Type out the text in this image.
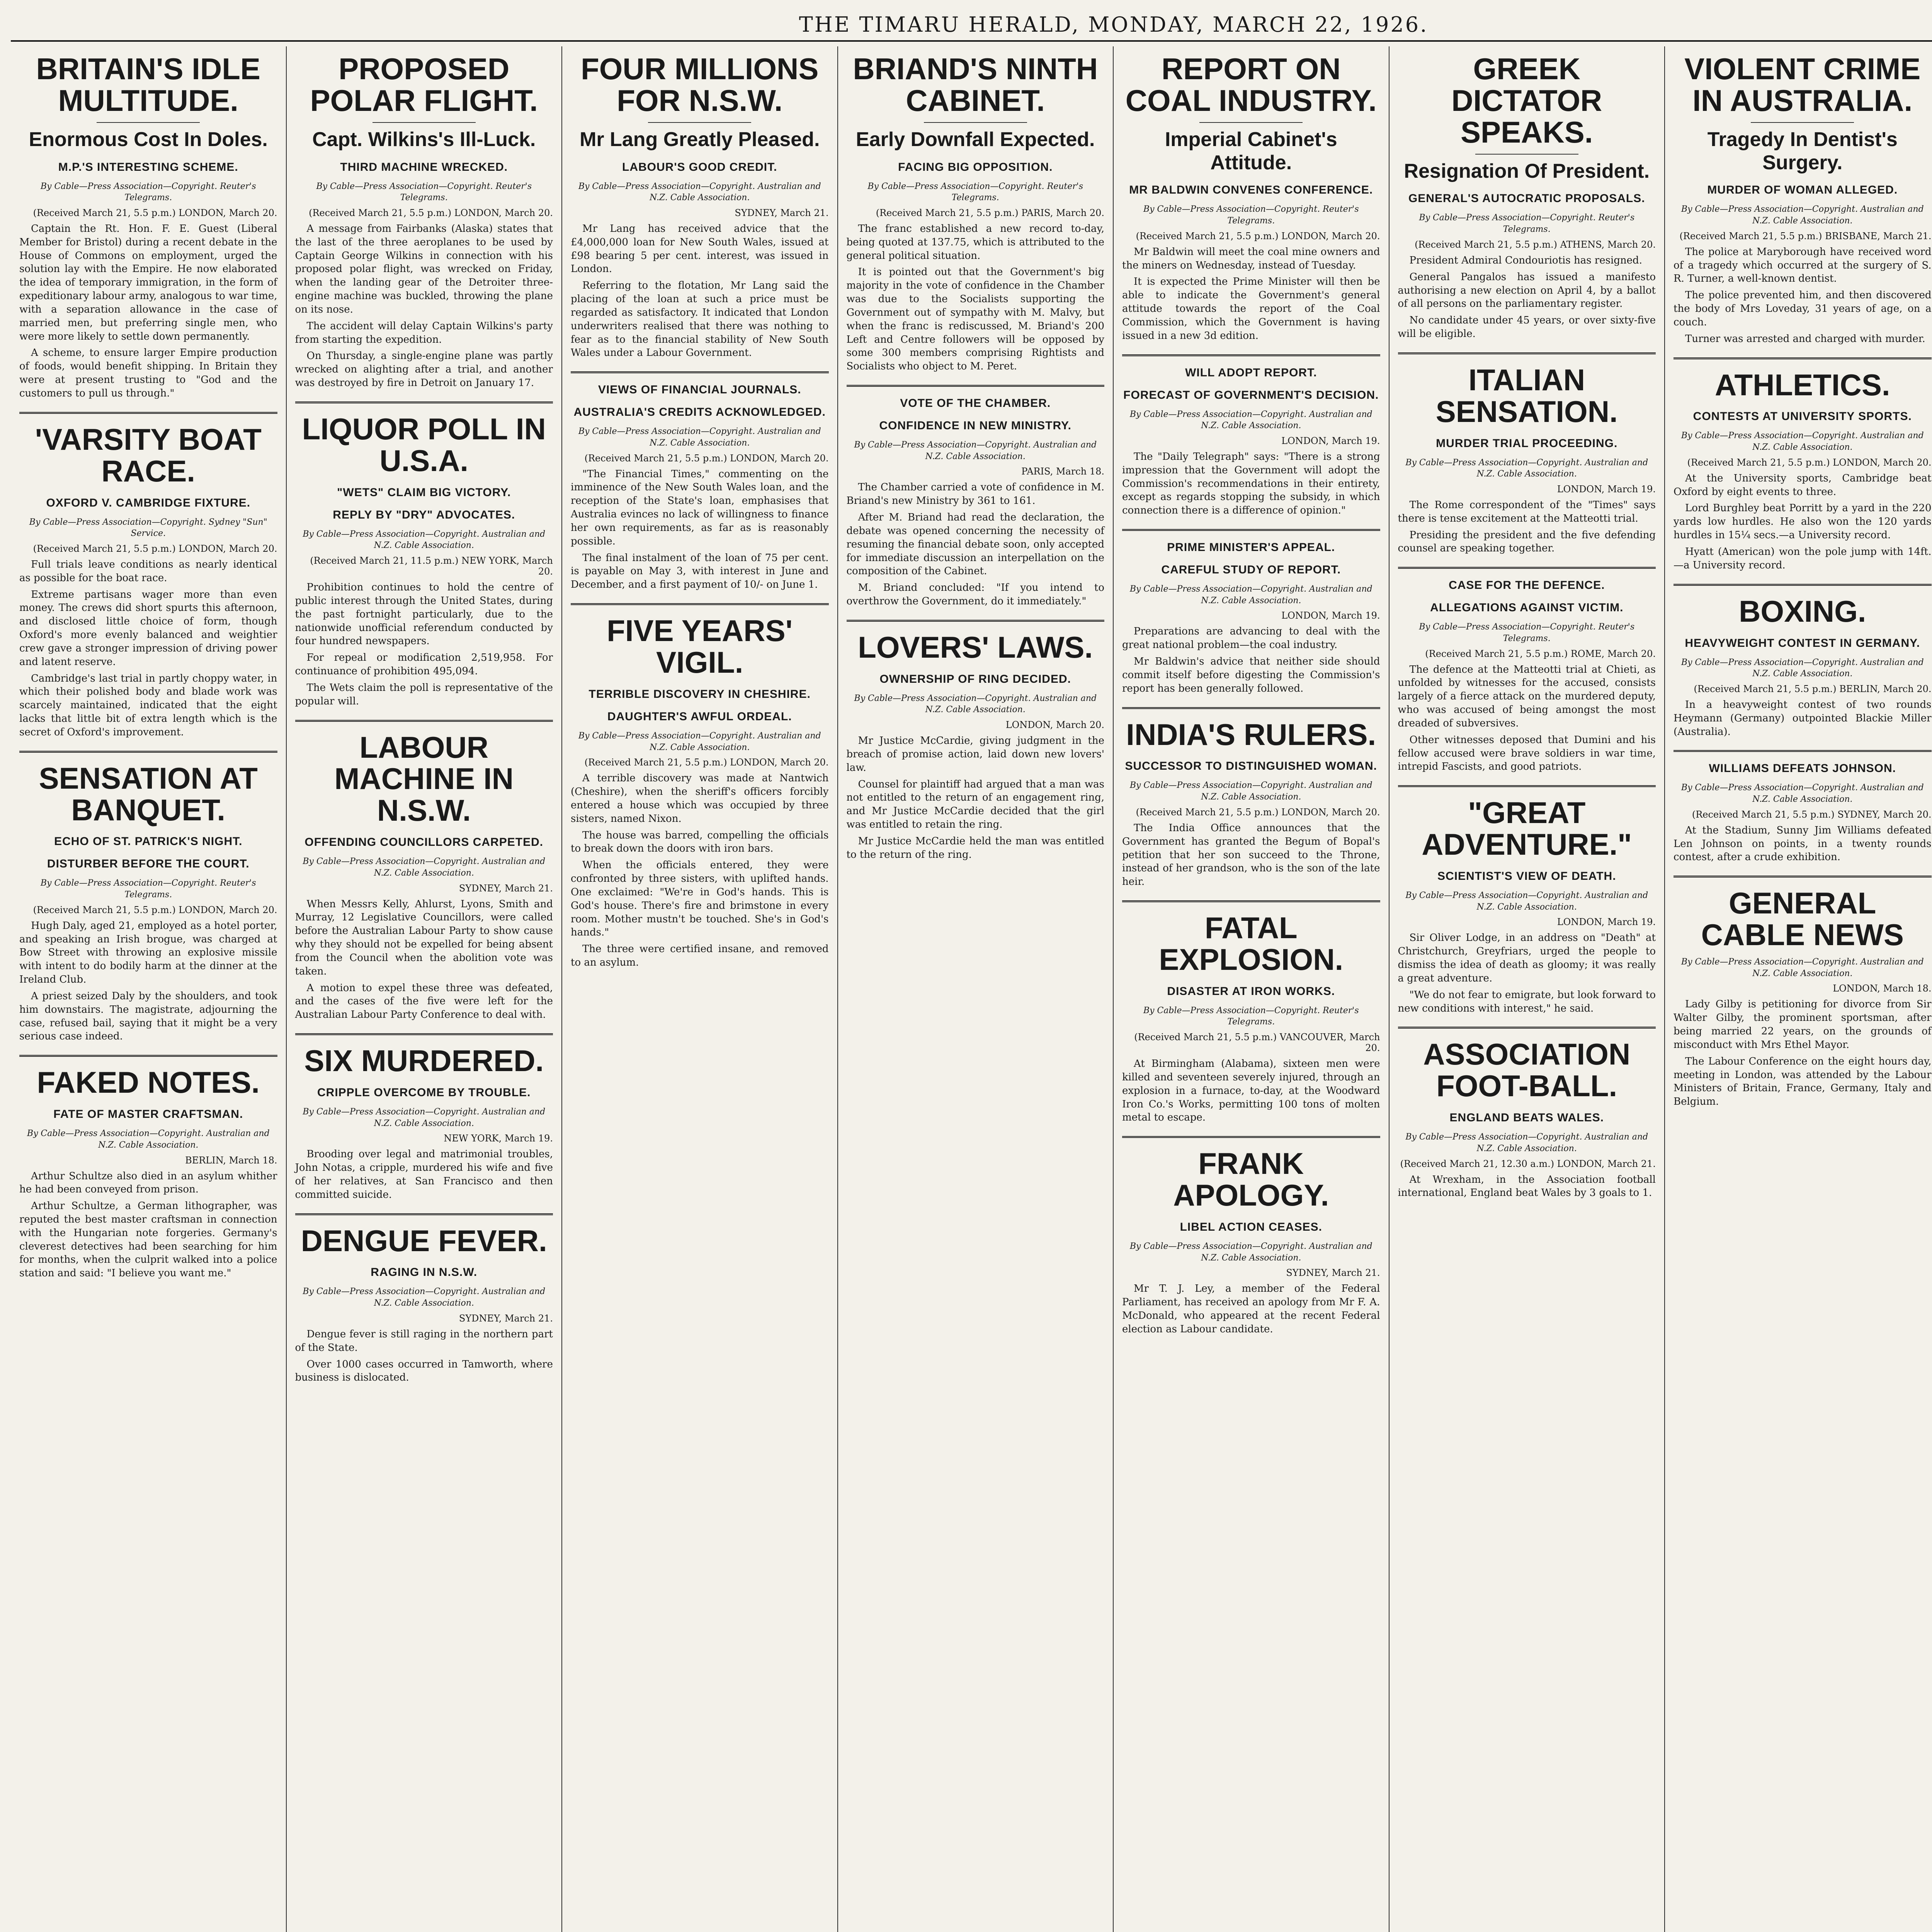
THE TIMARU HERALD, MONDAY, MARCH 22, 1926.
BRITAIN'S IDLE MULTITUDE.
Enormous Cost In Doles.
M.P.'S INTERESTING SCHEME.
By Cable—Press Association—Copyright. Reuter's Telegrams.
(Received March 21, 5.5 p.m.) LONDON, March 20.

Captain the Rt. Hon. F. E. Guest (Liberal Member for Bristol) during a recent debate in the House of Commons on employment, urged the solution lay with the Empire. He now elaborated the idea of temporary immigration, in the form of expeditionary labour army, analogous to war time, with a separation allowance in the case of married men, but preferring single men, who were more likely to settle down permanently.

A scheme, to ensure larger Empire production of foods, would benefit shipping. In Britain they were at present trusting to "God and the customers to pull us through."

'VARSITY BOAT RACE.
OXFORD V. CAMBRIDGE FIXTURE.
By Cable—Press Association—Copyright. Sydney "Sun" Service.
(Received March 21, 5.5 p.m.) LONDON, March 20.

Full trials leave conditions as nearly identical as possible for the boat race.

Extreme partisans wager more than even money. The crews did short spurts this afternoon, and disclosed little choice of form, though Oxford's more evenly balanced and weightier crew gave a stronger impression of driving power and latent reserve.

Cambridge's last trial in partly choppy water, in which their polished body and blade work was scarcely maintained, indicated that the eight lacks that little bit of extra length which is the secret of Oxford's improvement.

SENSATION AT BANQUET.
ECHO OF ST. PATRICK'S NIGHT.
DISTURBER BEFORE THE COURT.
By Cable—Press Association—Copyright. Reuter's Telegrams.
(Received March 21, 5.5 p.m.) LONDON, March 20.

Hugh Daly, aged 21, employed as a hotel porter, and speaking an Irish brogue, was charged at Bow Street with throwing an explosive missile with intent to do bodily harm at the dinner at the Ireland Club.

A priest seized Daly by the shoulders, and took him downstairs. The magistrate, adjourning the case, refused bail, saying that it might be a very serious case indeed.

FAKED NOTES.
FATE OF MASTER CRAFTSMAN.
By Cable—Press Association—Copyright. Australian and N.Z. Cable Association.
BERLIN, March 18.

Arthur Schultze also died in an asylum whither he had been conveyed from prison.

Arthur Schultze, a German lithographer, was reputed the best master craftsman in connection with the Hungarian note forgeries. Germany's cleverest detectives had been searching for him for months, when the culprit walked into a police station and said: "I believe you want me."

PROPOSED POLAR FLIGHT.
Capt. Wilkins's Ill-Luck.
THIRD MACHINE WRECKED.
By Cable—Press Association—Copyright. Reuter's Telegrams.
(Received March 21, 5.5 p.m.) LONDON, March 20.

A message from Fairbanks (Alaska) states that the last of the three aeroplanes to be used by Captain George Wilkins in connection with his proposed polar flight, was wrecked on Friday, when the landing gear of the Detroiter three-engine machine was buckled, throwing the plane on its nose.

The accident will delay Captain Wilkins's party from starting the expedition.

On Thursday, a single-engine plane was partly wrecked on alighting after a trial, and another was destroyed by fire in Detroit on January 17.

LIQUOR POLL IN U.S.A.
"WETS" CLAIM BIG VICTORY.
REPLY BY "DRY" ADVOCATES.
By Cable—Press Association—Copyright. Australian and N.Z. Cable Association.
(Received March 21, 11.5 p.m.) NEW YORK, March 20.

Prohibition continues to hold the centre of public interest through the United States, during the past fortnight particularly, due to the nationwide unofficial referendum conducted by four hundred newspapers.

For repeal or modification 2,519,958. For continuance of prohibition 495,094.

The Wets claim the poll is representative of the popular will.

LABOUR MACHINE IN N.S.W.
OFFENDING COUNCILLORS CARPETED.
By Cable—Press Association—Copyright. Australian and N.Z. Cable Association.
SYDNEY, March 21.

When Messrs Kelly, Ahlurst, Lyons, Smith and Murray, 12 Legislative Councillors, were called before the Australian Labour Party to show cause why they should not be expelled for being absent from the Council when the abolition vote was taken.

A motion to expel these three was defeated, and the cases of the five were left for the Australian Labour Party Conference to deal with.

SIX MURDERED.
CRIPPLE OVERCOME BY TROUBLE.
By Cable—Press Association—Copyright. Australian and N.Z. Cable Association.
NEW YORK, March 19.

Brooding over legal and matrimonial troubles, John Notas, a cripple, murdered his wife and five of her relatives, at San Francisco and then committed suicide.

DENGUE FEVER.
RAGING IN N.S.W.
By Cable—Press Association—Copyright. Australian and N.Z. Cable Association.
SYDNEY, March 21.

Dengue fever is still raging in the northern part of the State.

Over 1000 cases occurred in Tamworth, where business is dislocated.

FOUR MILLIONS FOR N.S.W.
Mr Lang Greatly Pleased.
LABOUR'S GOOD CREDIT.
By Cable—Press Association—Copyright. Australian and N.Z. Cable Association.
SYDNEY, March 21.

Mr Lang has received advice that the £4,000,000 loan for New South Wales, issued at £98 bearing 5 per cent. interest, was issued in London.

Referring to the flotation, Mr Lang said the placing of the loan at such a price must be regarded as satisfactory. It indicated that London underwriters realised that there was nothing to fear as to the financial stability of New South Wales under a Labour Government.

VIEWS OF FINANCIAL JOURNALS.
AUSTRALIA'S CREDITS ACKNOWLEDGED.
By Cable—Press Association—Copyright. Australian and N.Z. Cable Association.
(Received March 21, 5.5 p.m.) LONDON, March 20.

"The Financial Times," commenting on the imminence of the New South Wales loan, and the reception of the State's loan, emphasises that Australia evinces no lack of willingness to finance her own requirements, as far as is reasonably possible.

The final instalment of the loan of 75 per cent. is payable on May 3, with interest in June and December, and a first payment of 10/- on June 1.

FIVE YEARS' VIGIL.
TERRIBLE DISCOVERY IN CHESHIRE.
DAUGHTER'S AWFUL ORDEAL.
By Cable—Press Association—Copyright. Australian and N.Z. Cable Association.
(Received March 21, 5.5 p.m.) LONDON, March 20.

A terrible discovery was made at Nantwich (Cheshire), when the sheriff's officers forcibly entered a house which was occupied by three sisters, named Nixon.

The house was barred, compelling the officials to break down the doors with iron bars.

When the officials entered, they were confronted by three sisters, with uplifted hands. One exclaimed: "We're in God's hands. This is God's house. There's fire and brimstone in every room. Mother mustn't be touched. She's in God's hands."

The three were certified insane, and removed to an asylum.

BRIAND'S NINTH CABINET.
Early Downfall Expected.
FACING BIG OPPOSITION.
By Cable—Press Association—Copyright. Reuter's Telegrams.
(Received March 21, 5.5 p.m.) PARIS, March 20.

The franc established a new record to-day, being quoted at 137.75, which is attributed to the general political situation.

It is pointed out that the Government's big majority in the vote of confidence in the Chamber was due to the Socialists supporting the Government out of sympathy with M. Malvy, but when the franc is rediscussed, M. Briand's 200 Left and Centre followers will be opposed by some 300 members comprising Rightists and Socialists who object to M. Peret.

VOTE OF THE CHAMBER.
CONFIDENCE IN NEW MINISTRY.
By Cable—Press Association—Copyright. Australian and N.Z. Cable Association.
PARIS, March 18.

The Chamber carried a vote of confidence in M. Briand's new Ministry by 361 to 161.

After M. Briand had read the declaration, the debate was opened concerning the necessity of resuming the financial debate soon, only accepted for immediate discussion an interpellation on the composition of the Cabinet.

M. Briand concluded: "If you intend to overthrow the Government, do it immediately."

LOVERS' LAWS.
OWNERSHIP OF RING DECIDED.
By Cable—Press Association—Copyright. Australian and N.Z. Cable Association.
LONDON, March 20.

Mr Justice McCardie, giving judgment in the breach of promise action, laid down new lovers' law.

Counsel for plaintiff had argued that a man was not entitled to the return of an engagement ring, and Mr Justice McCardie decided that the girl was entitled to retain the ring.

Mr Justice McCardie held the man was entitled to the return of the ring.

REPORT ON COAL INDUSTRY.
Imperial Cabinet's Attitude.
MR BALDWIN CONVENES CONFERENCE.
By Cable—Press Association—Copyright. Reuter's Telegrams.
(Received March 21, 5.5 p.m.) LONDON, March 20.

Mr Baldwin will meet the coal mine owners and the miners on Wednesday, instead of Tuesday.

It is expected the Prime Minister will then be able to indicate the Government's general attitude towards the report of the Coal Commission, which the Government is having issued in a new 3d edition.

WILL ADOPT REPORT.
FORECAST OF GOVERNMENT'S DECISION.
By Cable—Press Association—Copyright. Australian and N.Z. Cable Association.
LONDON, March 19.

The "Daily Telegraph" says: "There is a strong impression that the Government will adopt the Commission's recommendations in their entirety, except as regards stopping the subsidy, in which connection there is a difference of opinion."

PRIME MINISTER'S APPEAL.
CAREFUL STUDY OF REPORT.
By Cable—Press Association—Copyright. Australian and N.Z. Cable Association.
LONDON, March 19.

Preparations are advancing to deal with the great national problem—the coal industry.

Mr Baldwin's advice that neither side should commit itself before digesting the Commission's report has been generally followed.

INDIA'S RULERS.
SUCCESSOR TO DISTINGUISHED WOMAN.
By Cable—Press Association—Copyright. Australian and N.Z. Cable Association.
(Received March 21, 5.5 p.m.) LONDON, March 20.

The India Office announces that the Government has granted the Begum of Bopal's petition that her son succeed to the Throne, instead of her grandson, who is the son of the late heir.

FATAL EXPLOSION.
DISASTER AT IRON WORKS.
By Cable—Press Association—Copyright. Reuter's Telegrams.
(Received March 21, 5.5 p.m.) VANCOUVER, March 20.

At Birmingham (Alabama), sixteen men were killed and seventeen severely injured, through an explosion in a furnace, to-day, at the Woodward Iron Co.'s Works, permitting 100 tons of molten metal to escape.

FRANK APOLOGY.
LIBEL ACTION CEASES.
By Cable—Press Association—Copyright. Australian and N.Z. Cable Association.
SYDNEY, March 21.

Mr T. J. Ley, a member of the Federal Parliament, has received an apology from Mr F. A. McDonald, who appeared at the recent Federal election as Labour candidate.

GREEK DICTATOR SPEAKS.
Resignation Of President.
GENERAL'S AUTOCRATIC PROPOSALS.
By Cable—Press Association—Copyright. Reuter's Telegrams.
(Received March 21, 5.5 p.m.) ATHENS, March 20.

President Admiral Condouriotis has resigned.

General Pangalos has issued a manifesto authorising a new election on April 4, by a ballot of all persons on the parliamentary register.

No candidate under 45 years, or over sixty-five will be eligible.

ITALIAN SENSATION.
MURDER TRIAL PROCEEDING.
By Cable—Press Association—Copyright. Australian and N.Z. Cable Association.
LONDON, March 19.

The Rome correspondent of the "Times" says there is tense excitement at the Matteotti trial.

Presiding the president and the five defending counsel are speaking together.

CASE FOR THE DEFENCE.
ALLEGATIONS AGAINST VICTIM.
By Cable—Press Association—Copyright. Reuter's Telegrams.
(Received March 21, 5.5 p.m.) ROME, March 20.

The defence at the Matteotti trial at Chieti, as unfolded by witnesses for the accused, consists largely of a fierce attack on the murdered deputy, who was accused of being amongst the most dreaded of subversives.

Other witnesses deposed that Dumini and his fellow accused were brave soldiers in war time, intrepid Fascists, and good patriots.

"GREAT ADVENTURE."
SCIENTIST'S VIEW OF DEATH.
By Cable—Press Association—Copyright. Australian and N.Z. Cable Association.
LONDON, March 19.

Sir Oliver Lodge, in an address on "Death" at Christchurch, Greyfriars, urged the people to dismiss the idea of death as gloomy; it was really a great adventure.

"We do not fear to emigrate, but look forward to new conditions with interest," he said.

ASSOCIATION FOOT-BALL.
ENGLAND BEATS WALES.
By Cable—Press Association—Copyright. Australian and N.Z. Cable Association.
(Received March 21, 12.30 a.m.) LONDON, March 21.

At Wrexham, in the Association football international, England beat Wales by 3 goals to 1.

VIOLENT CRIME IN AUSTRALIA.
Tragedy In Dentist's Surgery.
MURDER OF WOMAN ALLEGED.
By Cable—Press Association—Copyright. Australian and N.Z. Cable Association.
(Received March 21, 5.5 p.m.) BRISBANE, March 21.

The police at Maryborough have received word of a tragedy which occurred at the surgery of S. R. Turner, a well-known dentist.

The police prevented him, and then discovered the body of Mrs Loveday, 31 years of age, on a couch.

Turner was arrested and charged with murder.

ATHLETICS.
CONTESTS AT UNIVERSITY SPORTS.
By Cable—Press Association—Copyright. Australian and N.Z. Cable Association.
(Received March 21, 5.5 p.m.) LONDON, March 20.

At the University sports, Cambridge beat Oxford by eight events to three.

Lord Burghley beat Porritt by a yard in the 220 yards low hurdles. He also won the 120 yards hurdles in 15¼ secs.—a University record.

Hyatt (American) won the pole jump with 14ft.—a University record.

BOXING.
HEAVYWEIGHT CONTEST IN GERMANY.
By Cable—Press Association—Copyright. Australian and N.Z. Cable Association.
(Received March 21, 5.5 p.m.) BERLIN, March 20.

In a heavyweight contest of two rounds Heymann (Germany) outpointed Blackie Miller (Australia).

WILLIAMS DEFEATS JOHNSON.
By Cable—Press Association—Copyright. Australian and N.Z. Cable Association.
(Received March 21, 5.5 p.m.) SYDNEY, March 20.

At the Stadium, Sunny Jim Williams defeated Len Johnson on points, in a twenty rounds contest, after a crude exhibition.

GENERAL CABLE NEWS
By Cable—Press Association—Copyright. Australian and N.Z. Cable Association.
LONDON, March 18.

Lady Gilby is petitioning for divorce from Sir Walter Gilby, the prominent sportsman, after being married 22 years, on the grounds of misconduct with Mrs Ethel Mayor.

The Labour Conference on the eight hours day, meeting in London, was attended by the Labour Ministers of Britain, France, Germany, Italy and Belgium.
